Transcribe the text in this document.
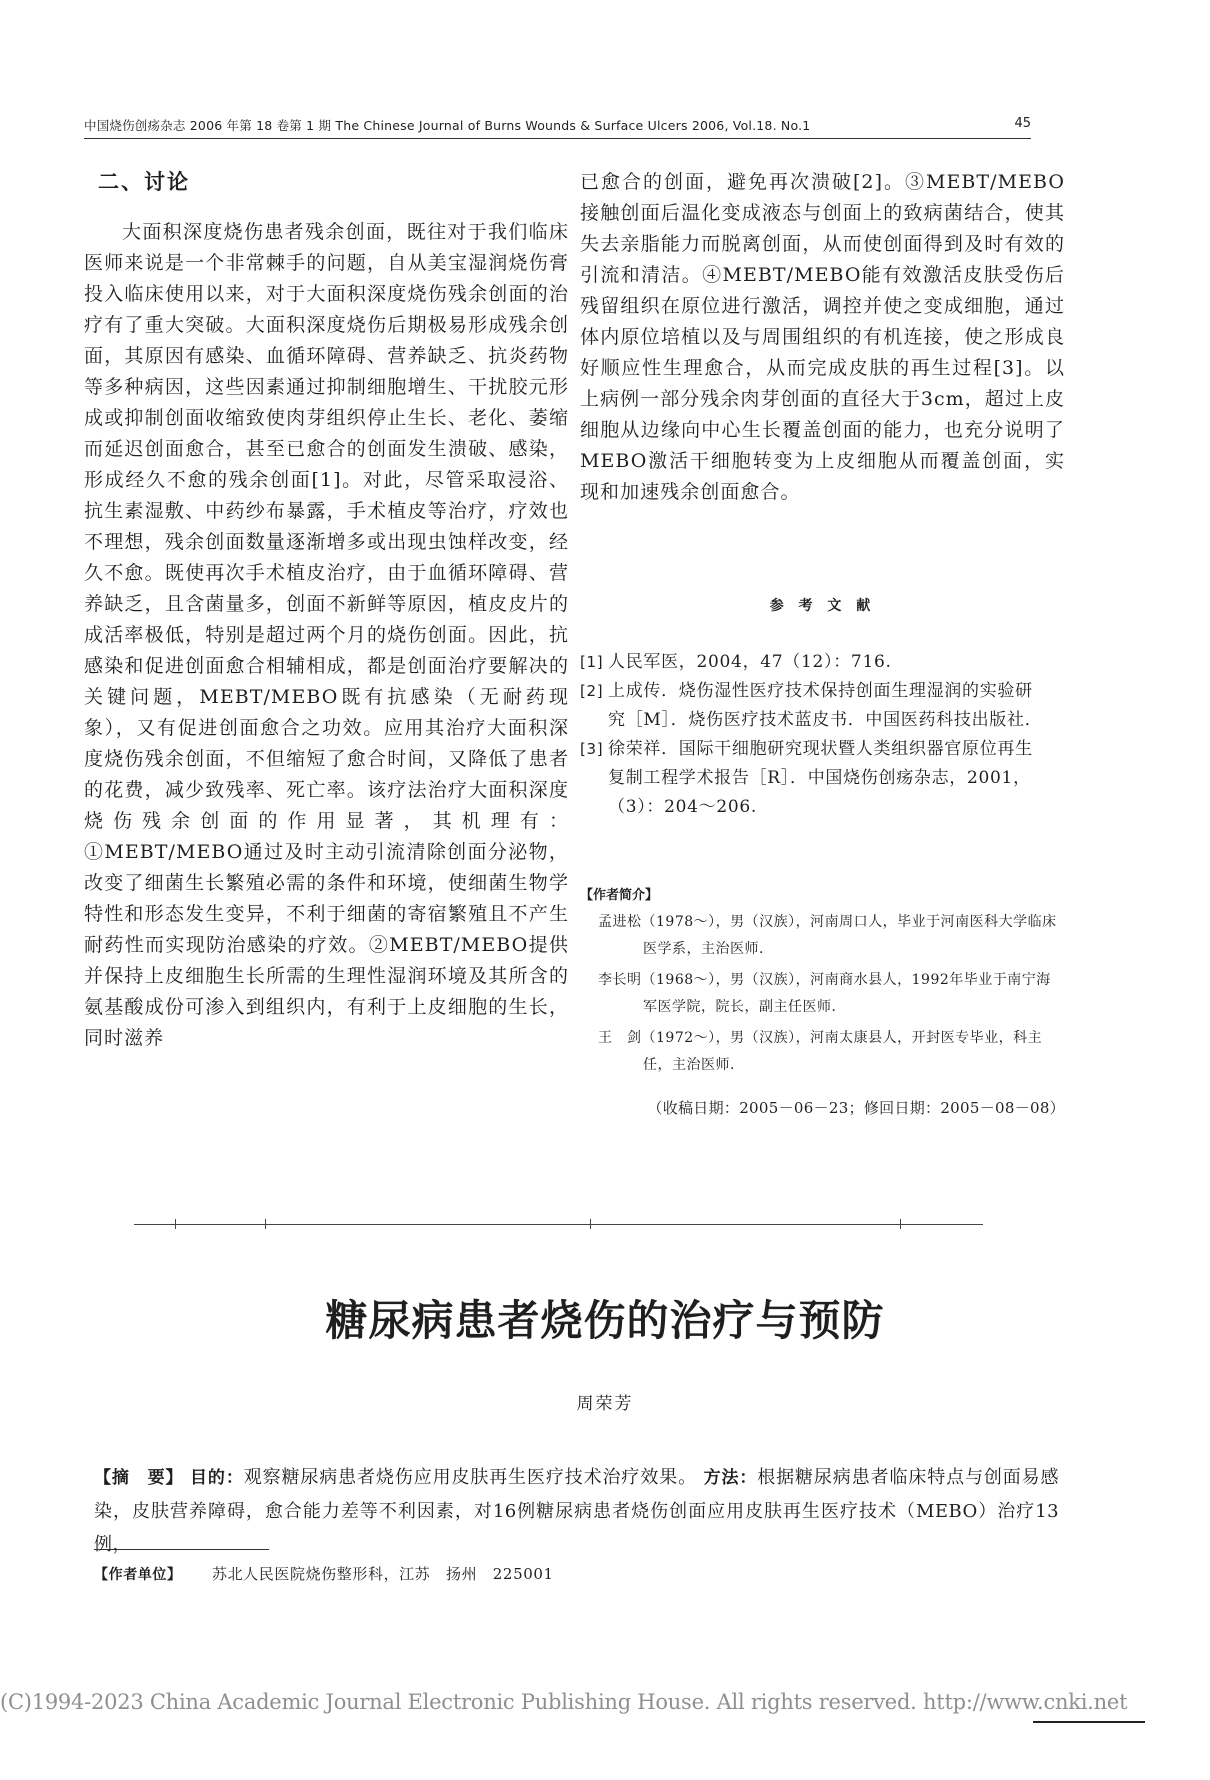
中国烧伤创疡杂志 2006 年第 18 卷第 1 期 The Chinese Journal of Burns Wounds & Surface Ulcers 2006, Vol.18. No.1	45
二、讨论

大面积深度烧伤患者残余创面，既往对于我们临床医师来说是一个非常棘手的问题，自从美宝湿润烧伤膏投入临床使用以来，对于大面积深度烧伤残余创面的治疗有了重大突破。大面积深度烧伤后期极易形成残余创面，其原因有感染、血循环障碍、营养缺乏、抗炎药物等多种病因，这些因素通过抑制细胞增生、干扰胶元形成或抑制创面收缩致使肉芽组织停止生长、老化、萎缩而延迟创面愈合，甚至已愈合的创面发生溃破、感染，形成经久不愈的残余创面[1]。对此，尽管采取浸浴、抗生素湿敷、中药纱布暴露，手术植皮等治疗，疗效也不理想，残余创面数量逐渐增多或出现虫蚀样改变，经久不愈。既使再次手术植皮治疗，由于血循环障碍、营养缺乏，且含菌量多，创面不新鲜等原因，植皮皮片的成活率极低，特别是超过两个月的烧伤创面。因此，抗感染和促进创面愈合相辅相成，都是创面治疗要解决的关键问题，MEBT/MEBO既有抗感染（无耐药现象），又有促进创面愈合之功效。应用其治疗大面积深度烧伤残余创面，不但缩短了愈合时间，又降低了患者的花费，减少致残率、死亡率。该疗法治疗大面积深度烧伤残余创面的作用显著，其机理有：①MEBT/MEBO通过及时主动引流清除创面分泌物，改变了细菌生长繁殖必需的条件和环境，使细菌生物学特性和形态发生变异，不利于细菌的寄宿繁殖且不产生耐药性而实现防治感染的疗效。②MEBT/MEBO提供并保持上皮细胞生长所需的生理性湿润环境及其所含的氨基酸成份可渗入到组织内，有利于上皮细胞的生长，同时滋养

已愈合的创面，避免再次溃破[2]。③MEBT/MEBO接触创面后温化变成液态与创面上的致病菌结合，使其失去亲脂能力而脱离创面，从而使创面得到及时有效的引流和清洁。④MEBT/MEBO能有效激活皮肤受伤后残留组织在原位进行激活，调控并使之变成细胞，通过体内原位培植以及与周围组织的有机连接，使之形成良好顺应性生理愈合，从而完成皮肤的再生过程[3]。以上病例一部分残余肉芽创面的直径大于3cm，超过上皮细胞从边缘向中心生长覆盖创面的能力，也充分说明了MEBO激活干细胞转变为上皮细胞从而覆盖创面，实现和加速残余创面愈合。

参 考 文 献
[1] 人民军医，2004，47（12）：716.
[2] 上成传．烧伤湿性医疗技术保持创面生理湿润的实验研究［M］．烧伤医疗技术蓝皮书．中国医药科技出版社．
[3] 徐荣祥．国际干细胞研究现状暨人类组织器官原位再生复制工程学术报告［R］．中国烧伤创疡杂志，2001，（3）：204～206.
【作者简介】

孟进松（1978～），男（汉族），河南周口人，毕业于河南医科大学临床医学系，主治医师．

李长明（1968～），男（汉族），河南商水县人，1992年毕业于南宁海军医学院，院长，副主任医师．

王　剑（1972～），男（汉族），河南太康县人，开封医专毕业，科主任，主治医师．

（收稿日期：2005－06－23；修回日期：2005－08－08）
糖尿病患者烧伤的治疗与预防
周荣芳
【摘　要】 目的：观察糖尿病患者烧伤应用皮肤再生医疗技术治疗效果。 方法：根据糖尿病患者临床特点与创面易感染，皮肤营养障碍，愈合能力差等不利因素，对16例糖尿病患者烧伤创面应用皮肤再生医疗技术（MEBO）治疗13例，
【作者单位】 苏北人民医院烧伤整形科，江苏　扬州　225001
(C)1994-2023 China Academic Journal Electronic Publishing House. All rights reserved. http://www.cnki.net
